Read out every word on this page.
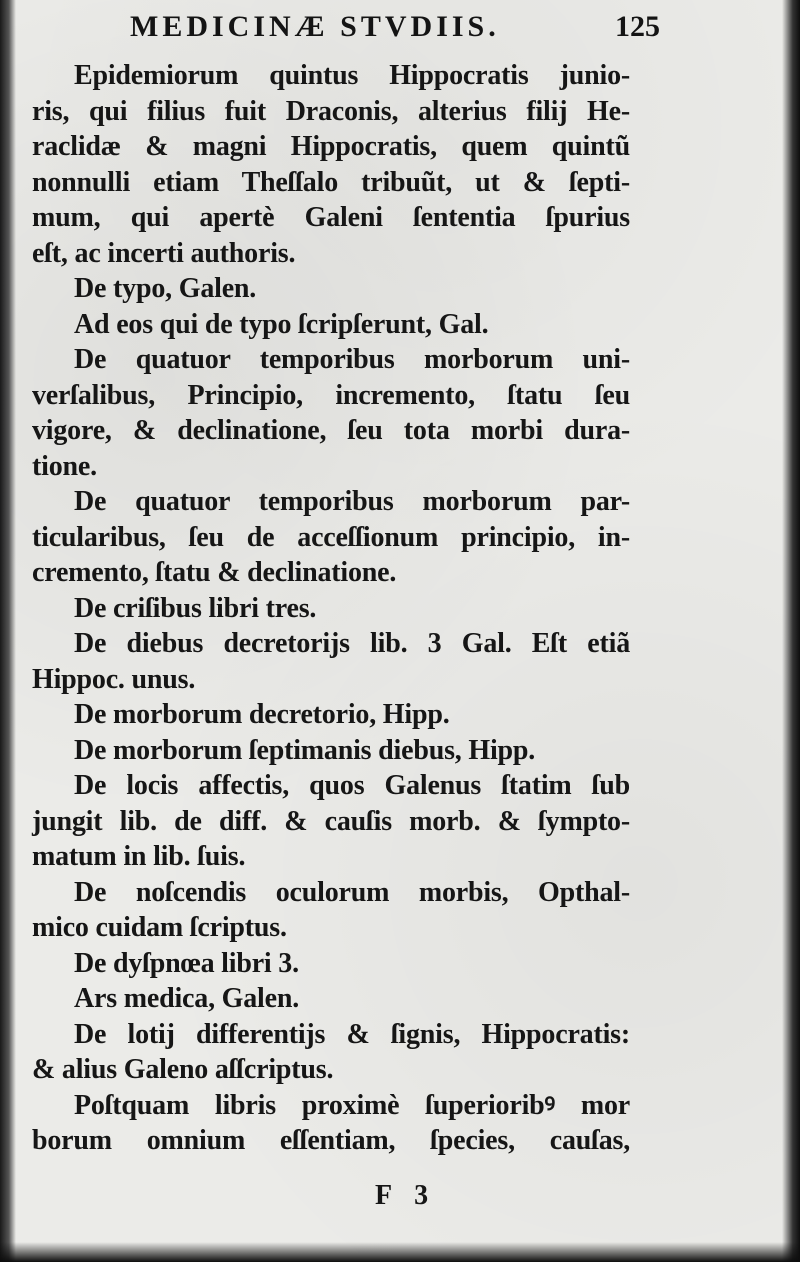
MEDICINÆ STVDIIS.	125
Epidemiorum quintus Hippocratis junio-
ris, qui filius fuit Draconis, alterius filij He-
raclidæ & magni Hippocratis, quem quintũ
nonnulli etiam Theſſalo tribuũt, ut & ſepti-
mum, qui apertè Galeni ſententia ſpurius
eſt, ac incerti authoris.
De typo, Galen.
Ad eos qui de typo ſcripſerunt, Gal.
De quatuor temporibus morborum uni-
verſalibus, Principio, incremento, ſtatu ſeu
vigore, & declinatione, ſeu tota morbi dura-
tione.
De quatuor temporibus morborum par-
ticularibus, ſeu de acceſſionum principio, in-
cremento, ſtatu & declinatione.
De criſibus libri tres.
De diebus decretorijs lib. 3 Gal. Eſt etiã
Hippoc. unus.
De morborum decretorio, Hipp.
De morborum ſeptimanis diebus, Hipp.
De locis affectis, quos Galenus ſtatim ſub
jungit lib. de diff. & cauſis morb. & ſympto-
matum in lib. ſuis.
De noſcendis oculorum morbis, Opthal-
mico cuidam ſcriptus.
De dyſpnœa libri 3.
Ars medica, Galen.
De lotij differentijs & ſignis, Hippocratis:
& alius Galeno aſſcriptus.
Poſtquam libris proximè ſuperioribꝰ mor
borum omnium eſſentiam, ſpecies, cauſas,
F 3
